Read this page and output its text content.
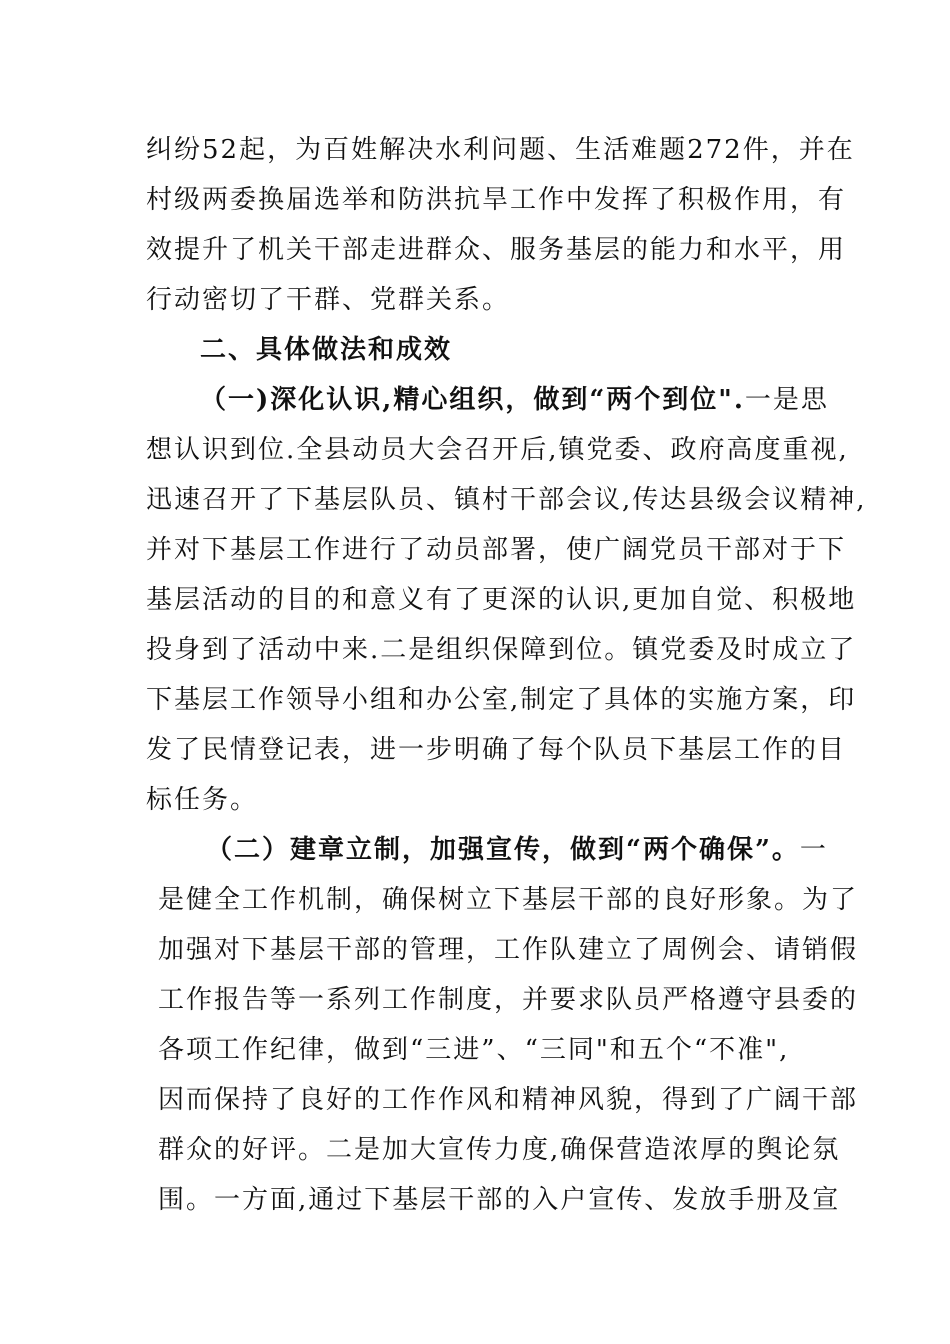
纠纷52起，为百姓解决水利问题、生活难题272件，并在
村级两委换届选举和防洪抗旱工作中发挥了积极作用，有
效提升了机关干部走进群众、服务基层的能力和水平，用
行动密切了干群、党群关系。
二、具体做法和成效
（一)深化认识,精心组织，做到“两个到位".一是思
想认识到位.全县动员大会召开后,镇党委、政府高度重视,
迅速召开了下基层队员、镇村干部会议,传达县级会议精神,
并对下基层工作进行了动员部署，使广阔党员干部对于下
基层活动的目的和意义有了更深的认识,更加自觉、积极地
投身到了活动中来.二是组织保障到位。镇党委及时成立了
下基层工作领导小组和办公室,制定了具体的实施方案，印
发了民情登记表，进一步明确了每个队员下基层工作的目
标任务。
（二）建章立制，加强宣传，做到“两个确保”。一
是健全工作机制，确保树立下基层干部的良好形象。为了
加强对下基层干部的管理，工作队建立了周例会、请销假
工作报告等一系列工作制度，并要求队员严格遵守县委的
各项工作纪律，做到“三进”、“三同"和五个“不准",
因而保持了良好的工作作风和精神风貌，得到了广阔干部
群众的好评。二是加大宣传力度,确保营造浓厚的舆论氛
围。一方面,通过下基层干部的入户宣传、发放手册及宣
